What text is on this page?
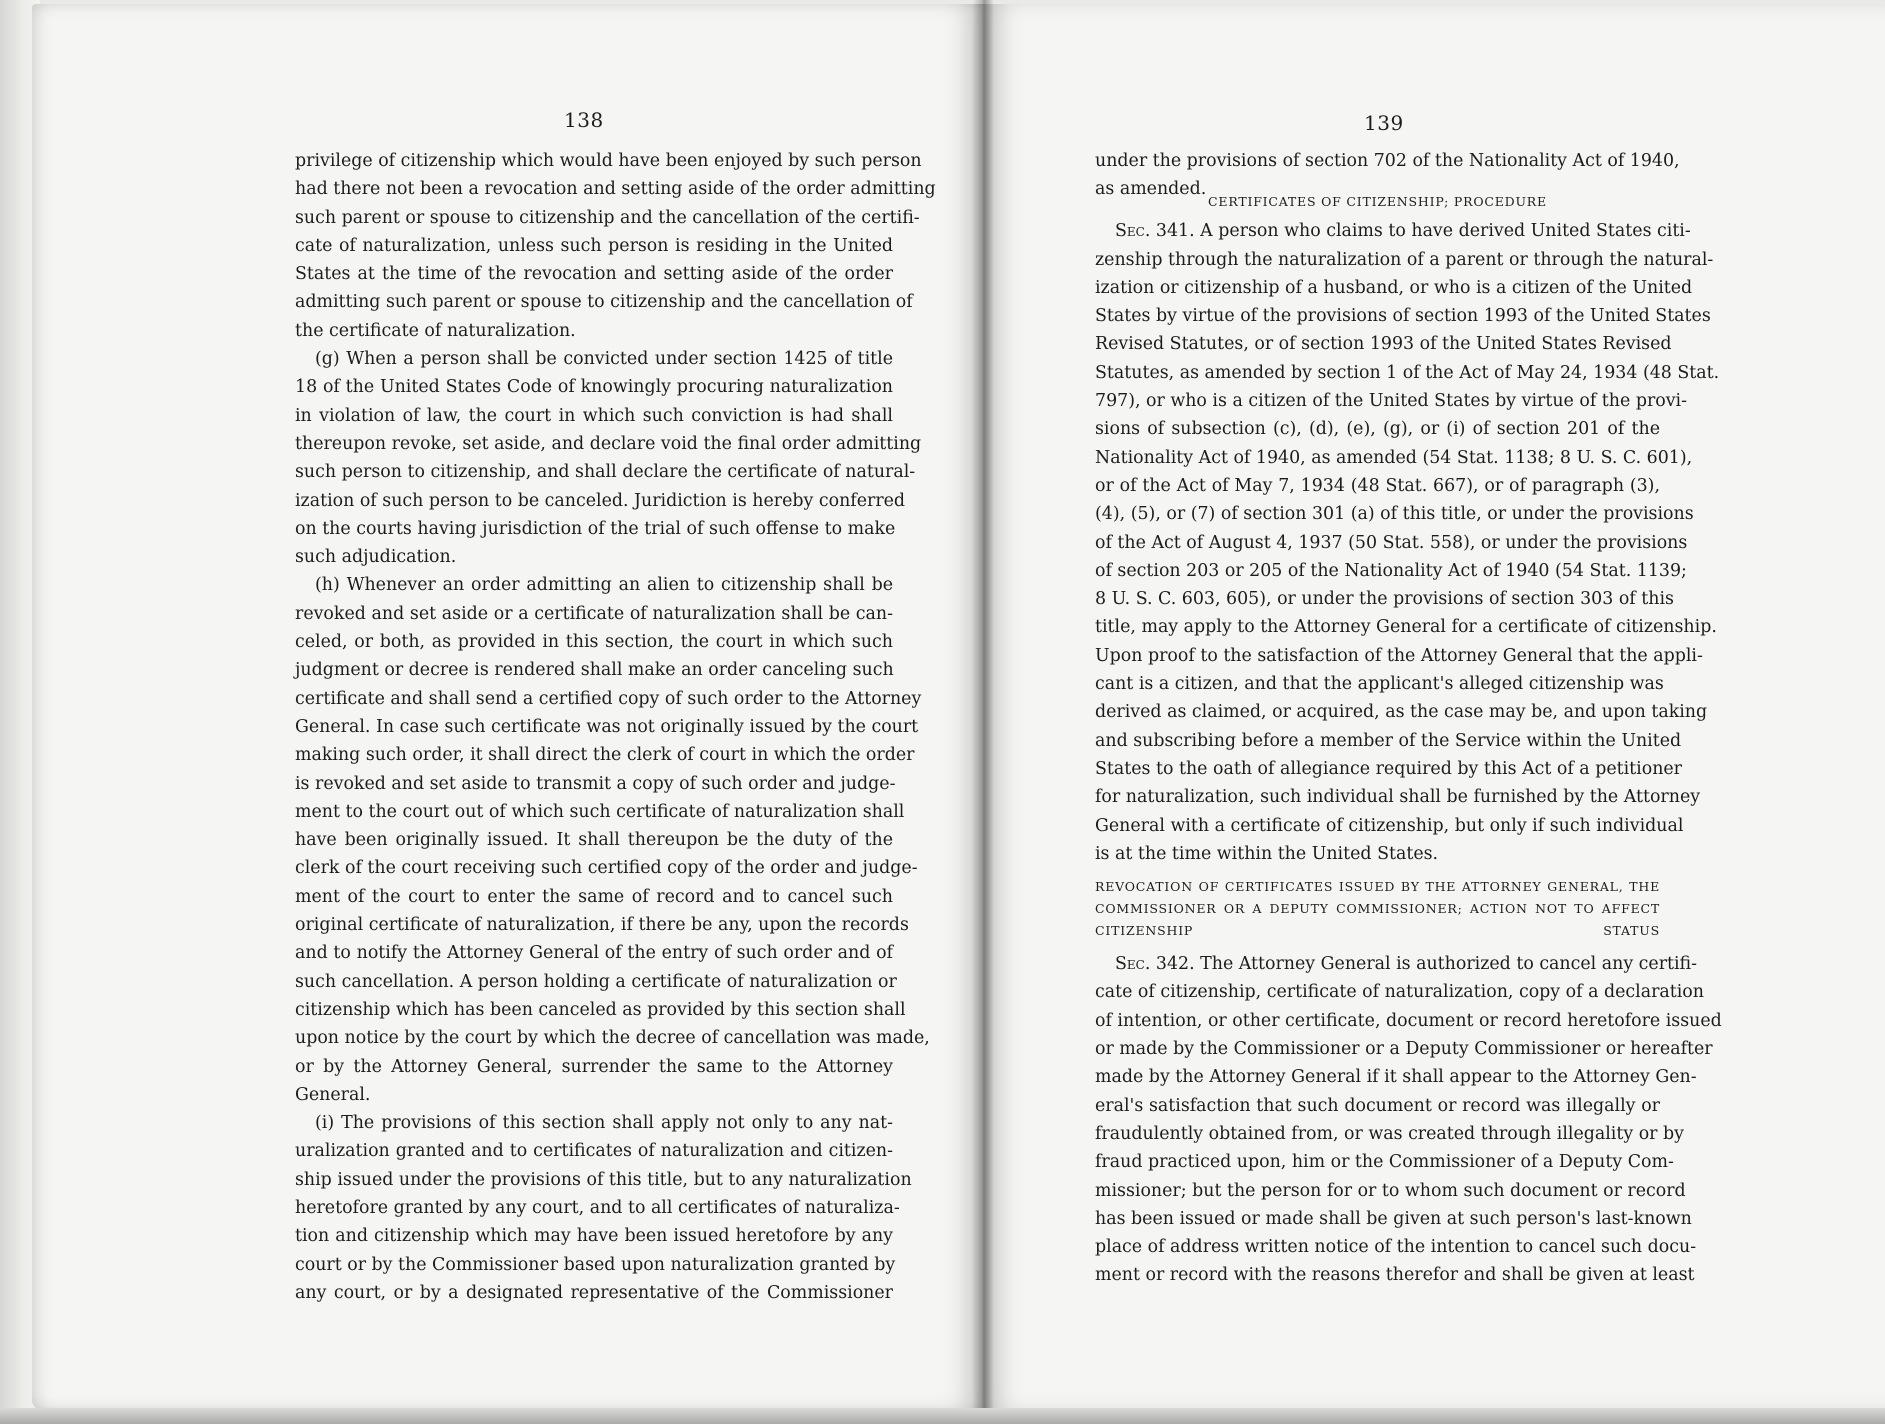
138
privilege of citizenship which would have been enjoyed by such person
had there not been a revocation and setting aside of the order admitting
such parent or spouse to citizenship and the cancellation of the certifi-
cate of naturalization, unless such person is residing in the United
States at the time of the revocation and setting aside of the order
admitting such parent or spouse to citizenship and the cancellation of
the certificate of naturalization.
(g) When a person shall be convicted under section 1425 of title
18 of the United States Code of knowingly procuring naturalization
in violation of law, the court in which such conviction is had shall
thereupon revoke, set aside, and declare void the final order admitting
such person to citizenship, and shall declare the certificate of natural-
ization of such person to be canceled. Juridiction is hereby conferred
on the courts having jurisdiction of the trial of such offense to make
such adjudication.
(h) Whenever an order admitting an alien to citizenship shall be
revoked and set aside or a certificate of naturalization shall be can-
celed, or both, as provided in this section, the court in which such
judgment or decree is rendered shall make an order canceling such
certificate and shall send a certified copy of such order to the Attorney
General. In case such certificate was not originally issued by the court
making such order, it shall direct the clerk of court in which the order
is revoked and set aside to transmit a copy of such order and judge-
ment to the court out of which such certificate of naturalization shall
have been originally issued. It shall thereupon be the duty of the
clerk of the court receiving such certified copy of the order and judge-
ment of the court to enter the same of record and to cancel such
original certificate of naturalization, if there be any, upon the records
and to notify the Attorney General of the entry of such order and of
such cancellation. A person holding a certificate of naturalization or
citizenship which has been canceled as provided by this section shall
upon notice by the court by which the decree of cancellation was made,
or by the Attorney General, surrender the same to the Attorney
General.
(i) The provisions of this section shall apply not only to any nat-
uralization granted and to certificates of naturalization and citizen-
ship issued under the provisions of this title, but to any naturalization
heretofore granted by any court, and to all certificates of naturaliza-
tion and citizenship which may have been issued heretofore by any
court or by the Commissioner based upon naturalization granted by
any court, or by a designated representative of the Commissioner
139
under the provisions of section 702 of the Nationality Act of 1940,
as amended.
CERTIFICATES OF CITIZENSHIP; PROCEDURE
Sec. 341. A person who claims to have derived United States citi-
zenship through the naturalization of a parent or through the natural-
ization or citizenship of a husband, or who is a citizen of the United
States by virtue of the provisions of section 1993 of the United States
Revised Statutes, or of section 1993 of the United States Revised
Statutes, as amended by section 1 of the Act of May 24, 1934 (48 Stat.
797), or who is a citizen of the United States by virtue of the provi-
sions of subsection (c), (d), (e), (g), or (i) of section 201 of the
Nationality Act of 1940, as amended (54 Stat. 1138; 8 U. S. C. 601),
or of the Act of May 7, 1934 (48 Stat. 667), or of paragraph (3),
(4), (5), or (7) of section 301 (a) of this title, or under the provisions
of the Act of August 4, 1937 (50 Stat. 558), or under the provisions
of section 203 or 205 of the Nationality Act of 1940 (54 Stat. 1139;
8 U. S. C. 603, 605), or under the provisions of section 303 of this
title, may apply to the Attorney General for a certificate of citizenship.
Upon proof to the satisfaction of the Attorney General that the appli-
cant is a citizen, and that the applicant's alleged citizenship was
derived as claimed, or acquired, as the case may be, and upon taking
and subscribing before a member of the Service within the United
States to the oath of allegiance required by this Act of a petitioner
for naturalization, such individual shall be furnished by the Attorney
General with a certificate of citizenship, but only if such individual
is at the time within the United States.
REVOCATION OF CERTIFICATES ISSUED BY THE ATTORNEY GENERAL, THE
COMMISSIONER OR A DEPUTY COMMISSIONER; ACTION NOT TO AFFECT
CITIZENSHIP STATUS
Sec. 342. The Attorney General is authorized to cancel any certifi-
cate of citizenship, certificate of naturalization, copy of a declaration
of intention, or other certificate, document or record heretofore issued
or made by the Commissioner or a Deputy Commissioner or hereafter
made by the Attorney General if it shall appear to the Attorney Gen-
eral's satisfaction that such document or record was illegally or
fraudulently obtained from, or was created through illegality or by
fraud practiced upon, him or the Commissioner of a Deputy Com-
missioner; but the person for or to whom such document or record
has been issued or made shall be given at such person's last-known
place of address written notice of the intention to cancel such docu-
ment or record with the reasons therefor and shall be given at least
